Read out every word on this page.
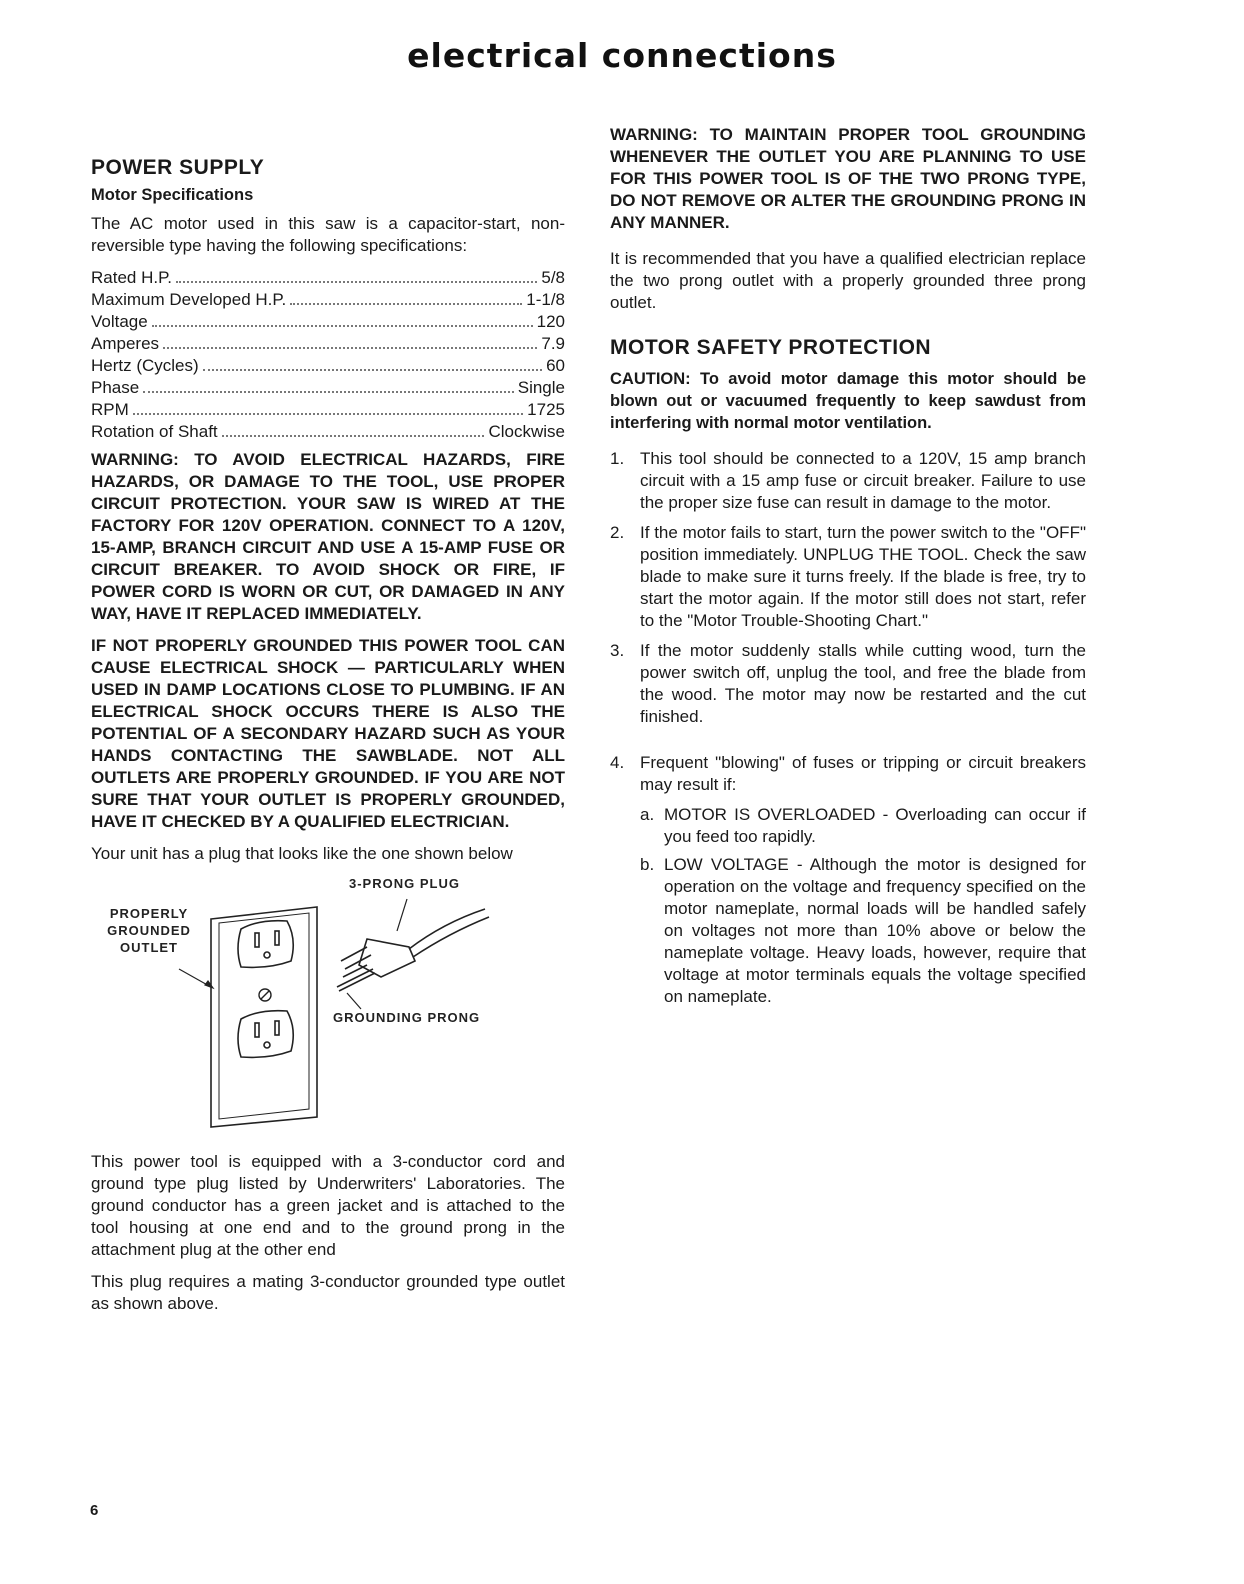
electrical connections
POWER SUPPLY
Motor Specifications

The AC motor used in this saw is a capacitor-start, non-reversible type having the following specifications:

Rated H.P.	5/8
Maximum Developed H.P.	1-1/8
Voltage	120
Amperes	7.9
Hertz (Cycles)	60
Phase	Single
RPM	1725
Rotation of Shaft	Clockwise

WARNING: TO AVOID ELECTRICAL HAZARDS, FIRE HAZARDS, OR DAMAGE TO THE TOOL, USE PROPER CIRCUIT PROTECTION. YOUR SAW IS WIRED AT THE FACTORY FOR 120V OPERATION. CONNECT TO A 120V, 15-AMP, BRANCH CIRCUIT AND USE A 15-AMP FUSE OR CIRCUIT BREAKER. TO AVOID SHOCK OR FIRE, IF POWER CORD IS WORN OR CUT, OR DAMAGED IN ANY WAY, HAVE IT REPLACED IMMEDIATELY.

IF NOT PROPERLY GROUNDED THIS POWER TOOL CAN CAUSE ELECTRICAL SHOCK — PARTICULARLY WHEN USED IN DAMP LOCATIONS CLOSE TO PLUMBING. IF AN ELECTRICAL SHOCK OCCURS THERE IS ALSO THE POTENTIAL OF A SECONDARY HAZARD SUCH AS YOUR HANDS CONTACTING THE SAWBLADE. NOT ALL OUTLETS ARE PROPERLY GROUNDED. IF YOU ARE NOT SURE THAT YOUR OUTLET IS PROPERLY GROUNDED, HAVE IT CHECKED BY A QUALIFIED ELECTRICIAN.

Your unit has a plug that looks like the one shown below

PROPERLY
GROUNDED
OUTLET
3-PRONG PLUG
GROUNDING PRONG

This power tool is equipped with a 3-conductor cord and ground type plug listed by Underwriters' Laboratories. The ground conductor has a green jacket and is attached to the tool housing at one end and to the ground prong in the attachment plug at the other end

This plug requires a mating 3-conductor grounded type outlet as shown above.

WARNING: TO MAINTAIN PROPER TOOL GROUNDING WHENEVER THE OUTLET YOU ARE PLANNING TO USE FOR THIS POWER TOOL IS OF THE TWO PRONG TYPE, DO NOT REMOVE OR ALTER THE GROUNDING PRONG IN ANY MANNER.

It is recommended that you have a qualified electrician replace the two prong outlet with a properly grounded three prong outlet.

MOTOR SAFETY PROTECTION

CAUTION: To avoid motor damage this motor should be blown out or vacuumed frequently to keep sawdust from interfering with normal motor ventilation.

1. This tool should be connected to a 120V, 15 amp branch circuit with a 15 amp fuse or circuit breaker. Failure to use the proper size fuse can result in damage to the motor.
2. If the motor fails to start, turn the power switch to the "OFF" position immediately. UNPLUG THE TOOL. Check the saw blade to make sure it turns freely. If the blade is free, try to start the motor again. If the motor still does not start, refer to the "Motor Trouble-Shooting Chart."
3. If the motor suddenly stalls while cutting wood, turn the power switch off, unplug the tool, and free the blade from the wood. The motor may now be restarted and the cut finished.
4. Frequent "blowing" of fuses or tripping or circuit breakers may result if:
a. MOTOR IS OVERLOADED - Overloading can occur if you feed too rapidly.
b. LOW VOLTAGE - Although the motor is designed for operation on the voltage and frequency specified on the motor nameplate, normal loads will be handled safely on voltages not more than 10% above or below the nameplate voltage. Heavy loads, however, require that voltage at motor terminals equals the voltage specified on nameplate.
6
